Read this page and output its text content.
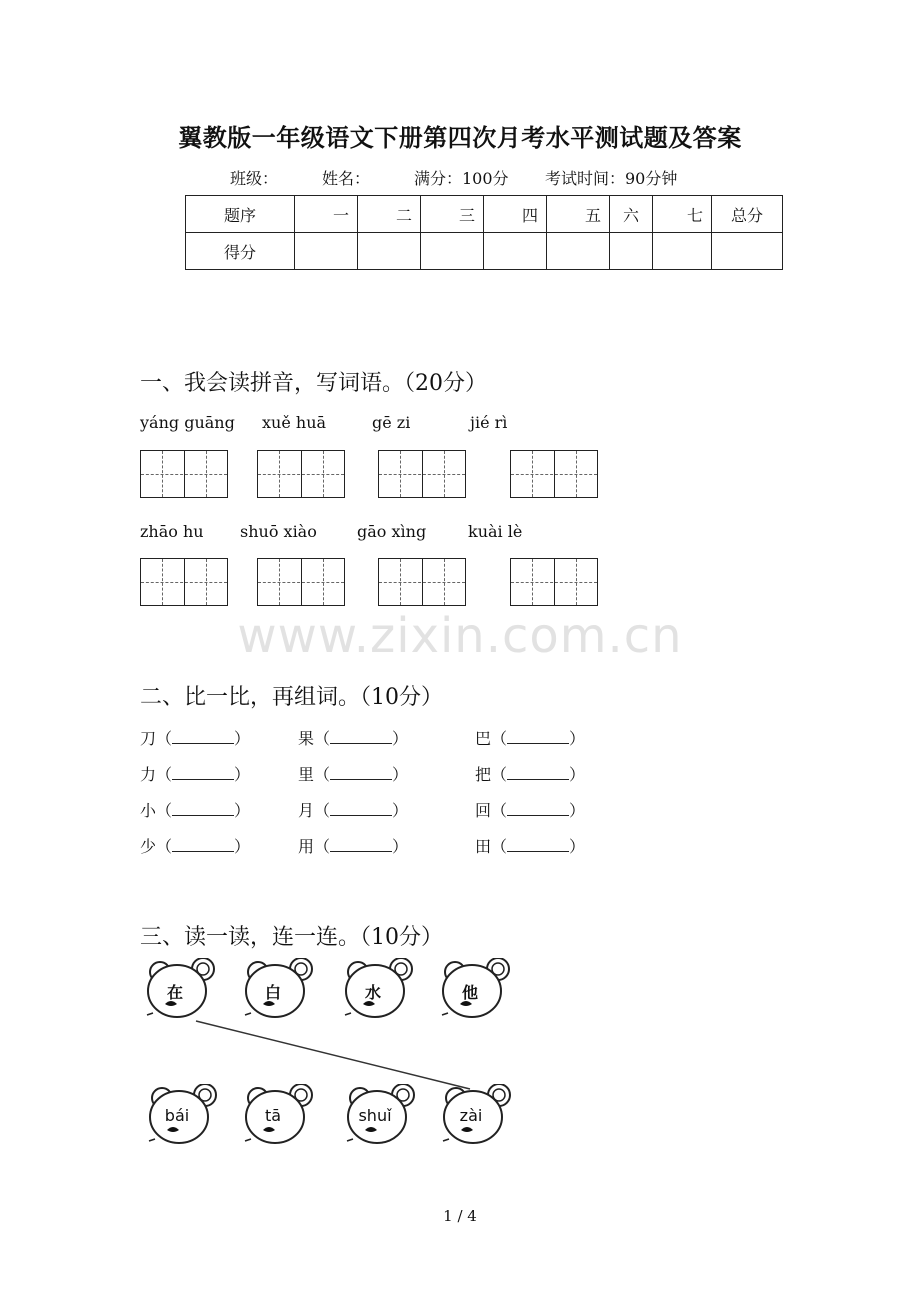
翼教版一年级语文下册第四次月考水平测试题及答案
班级：	姓名：	满分：100分 考试时间：90分钟
题序	一	二	三	四	五	六	七	总分
得分								
一、我会读拼音，写词语。（20分）
yáng guāng xuě huā	gē zi	jié rì
zhāo hu shuō xiào	gāo xìng	kuài lè
www.zixin.com.cn
二、比一比，再组词。（10分）
刀（	）	果（	）	巴（	）
力（	）	里（	）	把（	）
小（	）	月（	）	回（	）
少（	）	用（	）	田（	）
三、读一读，连一连。（10分）
在	白	水	他
bái	tā	shuǐ	zài
1 / 4
